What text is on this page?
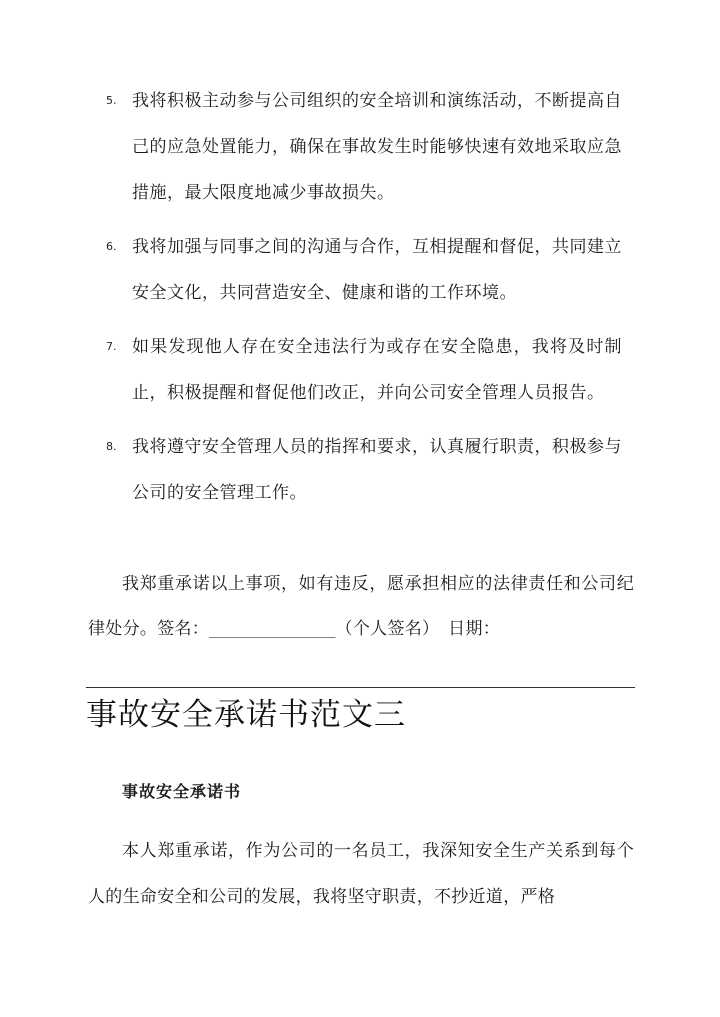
5. 我将积极主动参与公司组织的安全培训和演练活动，不断提高自己的应急处置能力，确保在事故发生时能够快速有效地采取应急措施，最大限度地减少事故损失。
6. 我将加强与同事之间的沟通与合作，互相提醒和督促，共同建立安全文化，共同营造安全、健康和谐的工作环境。
7. 如果发现他人存在安全违法行为或存在安全隐患，我将及时制止，积极提醒和督促他们改正，并向公司安全管理人员报告。
8. 我将遵守安全管理人员的指挥和要求，认真履行职责，积极参与公司的安全管理工作。

我郑重承诺以上事项，如有违反，愿承担相应的法律责任和公司纪律处分。签名：_______________（个人签名）　日期：

事故安全承诺书范文三
事故安全承诺书

本人郑重承诺，作为公司的一名员工，我深知安全生产关系到每个人的生命安全和公司的发展，我将坚守职责，不抄近道，严格
